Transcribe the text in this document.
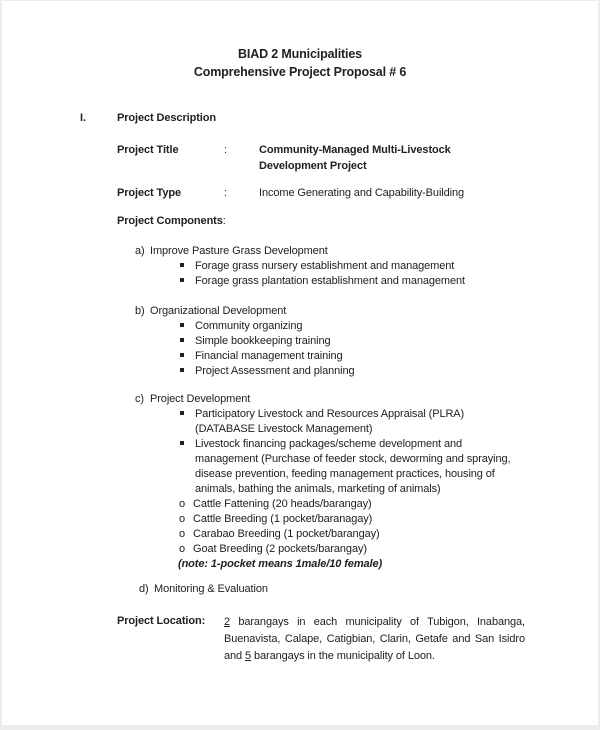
BIAD 2 Municipalities
Comprehensive Project Proposal # 6
I.	Project Description
Project Title	:	Community-Managed Multi-Livestock Development Project
Project Type	:	Income Generating and Capability-Building
Project Components:
a) Improve Pasture Grass Development
Forage grass nursery establishment and management
Forage grass plantation establishment and management
b) Organizational Development
Community organizing
Simple bookkeeping training
Financial management training
Project Assessment and planning
c) Project Development
Participatory Livestock and Resources Appraisal (PLRA) (DATABASE Livestock Management)
Livestock financing packages/scheme development and management (Purchase of feeder stock, deworming and spraying, disease prevention, feeding management practices, housing of animals, bathing the animals, marketing of animals)
o Cattle Fattening (20 heads/barangay)
o Cattle Breeding (1 pocket/baranagay)
o Carabao Breeding (1 pocket/barangay)
o Goat Breeding (2 pockets/barangay)
(note: 1-pocket means 1male/10 female)
d) Monitoring & Evaluation
Project Location:	2 barangays in each municipality of Tubigon, Inabanga, Buenavista, Calape, Catigbian, Clarin, Getafe and San Isidro and 5 barangays in the municipality of Loon.
